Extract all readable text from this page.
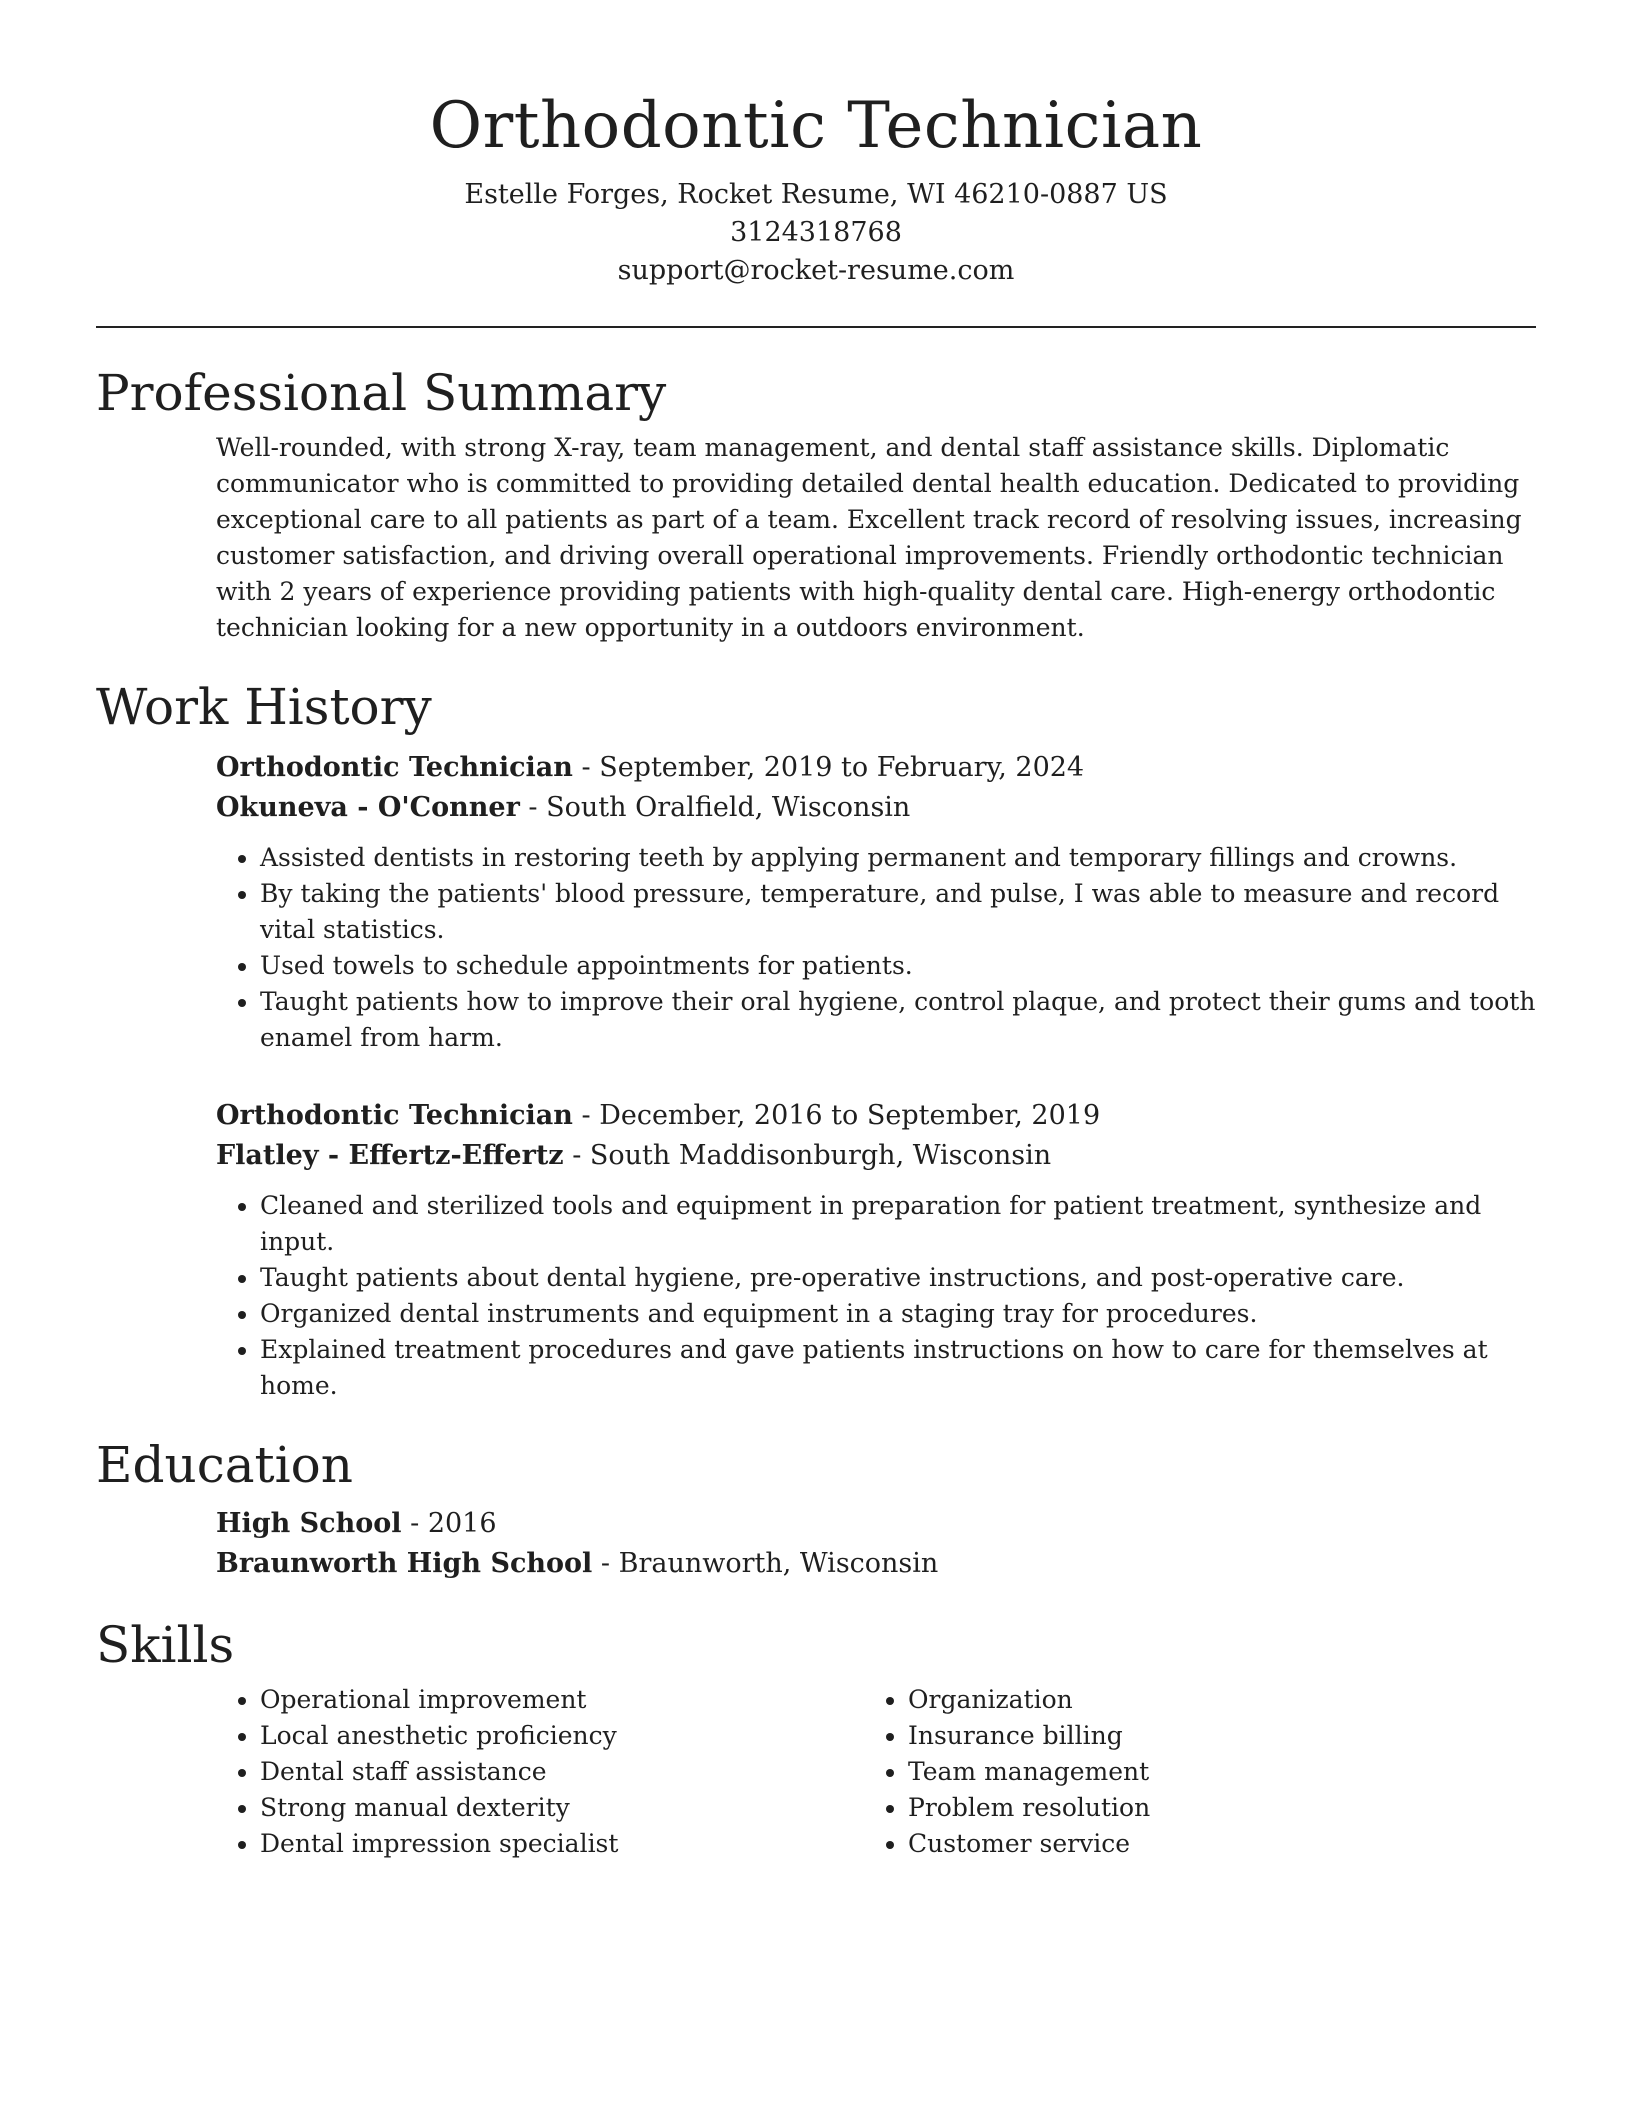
Orthodontic Technician

Estelle Forges, Rocket Resume, WI 46210-0887 US

3124318768

support@rocket-resume.com

Professional Summary

Well-rounded, with strong X-ray, team management, and dental staff assistance skills. Diplomatic communicator who is committed to providing detailed dental health education. Dedicated to providing exceptional care to all patients as part of a team. Excellent track record of resolving issues, increasing customer satisfaction, and driving overall operational improvements. Friendly orthodontic technician with 2 years of experience providing patients with high-quality dental care. High-energy orthodontic technician looking for a new opportunity in a outdoors environment.

Work History

Orthodontic Technician - September, 2019 to February, 2024

Okuneva - O'Conner - South Oralfield, Wisconsin

• Assisted dentists in restoring teeth by applying permanent and temporary fillings and crowns.
• By taking the patients' blood pressure, temperature, and pulse, I was able to measure and record vital statistics.
• Used towels to schedule appointments for patients.
• Taught patients how to improve their oral hygiene, control plaque, and protect their gums and tooth enamel from harm.

Orthodontic Technician - December, 2016 to September, 2019

Flatley - Effertz-Effertz - South Maddisonburgh, Wisconsin

• Cleaned and sterilized tools and equipment in preparation for patient treatment, synthesize and input.
• Taught patients about dental hygiene, pre-operative instructions, and post-operative care.
• Organized dental instruments and equipment in a staging tray for procedures.
• Explained treatment procedures and gave patients instructions on how to care for themselves at home.
Education

High School - 2016

Braunworth High School - Braunworth, Wisconsin

Skills
• Operational improvement
• Local anesthetic proficiency
• Dental staff assistance
• Strong manual dexterity
• Dental impression specialist
• Organization
• Insurance billing
• Team management
• Problem resolution
• Customer service
